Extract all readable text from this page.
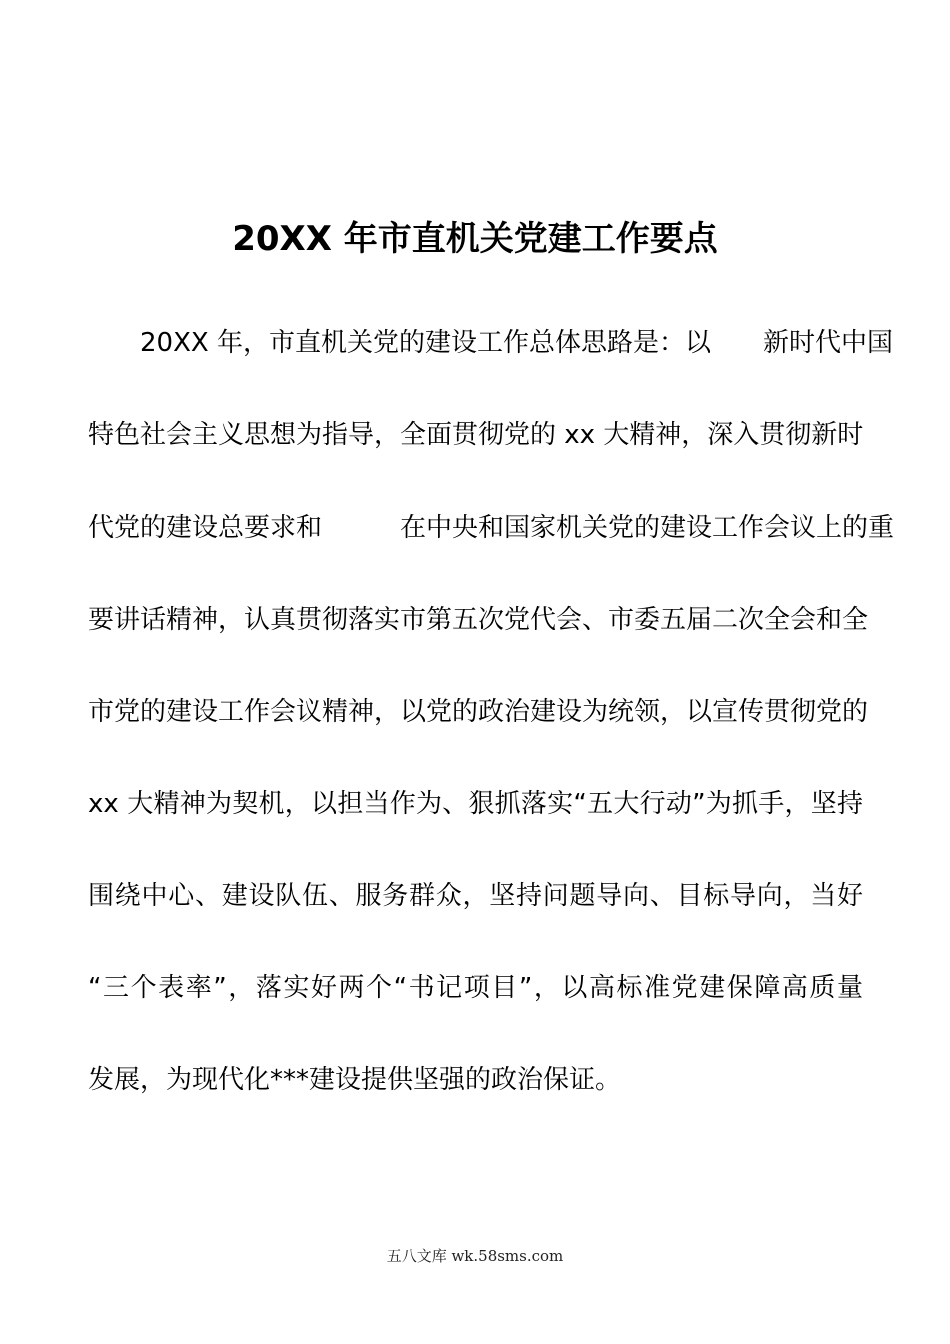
20XX 年市直机关党建工作要点
20XX 年，市直机关党的建设工作总体思路是：以　　新时代中国
特色社会主义思想为指导，全面贯彻党的 xx 大精神，深入贯彻新时
代党的建设总要求和　　　在中央和国家机关党的建设工作会议上的重
要讲话精神，认真贯彻落实市第五次党代会、市委五届二次全会和全
市党的建设工作会议精神，以党的政治建设为统领，以宣传贯彻党的
xx 大精神为契机，以担当作为、狠抓落实“五大行动”为抓手，坚持
围绕中心、建设队伍、服务群众，坚持问题导向、目标导向，当好
“三个表率”，落实好两个“书记项目”，以高标准党建保障高质量
发展，为现代化***建设提供坚强的政治保证。
五八文库 wk.58sms.com
